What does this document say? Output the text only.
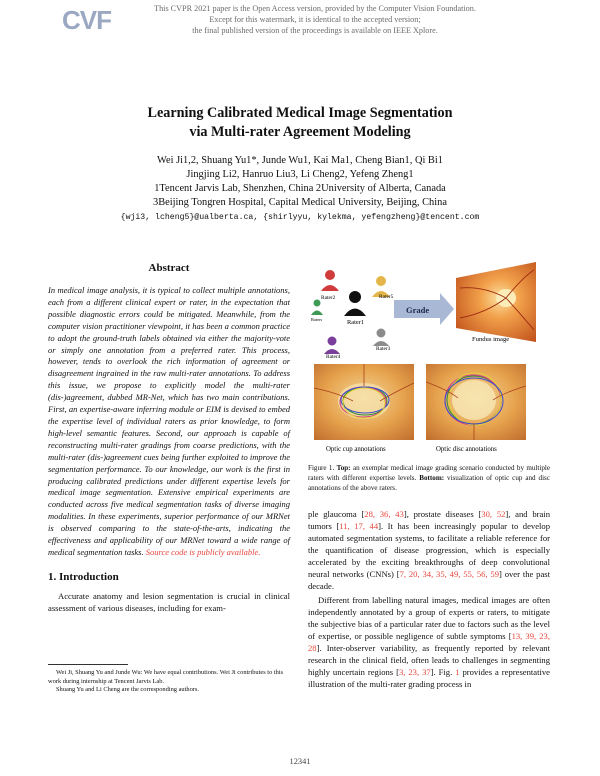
CVF	This CVPR 2021 paper is the Open Access version, provided by the Computer Vision Foundation.
Except for this watermark, it is identical to the accepted version;
the final published version of the proceedings is available on IEEE Xplore.
Learning Calibrated Medical Image Segmentation
via Multi-rater Agreement Modeling
Wei Ji1,2, Shuang Yu1*, Junde Wu1, Kai Ma1, Cheng Bian1, Qi Bi1
Jingjing Li2, Hanruo Liu3, Li Cheng2, Yefeng Zheng1
1Tencent Jarvis Lab, Shenzhen, China 2University of Alberta, Canada
3Beijing Tongren Hospital, Capital Medical University, Beijing, China
{wji3, lcheng5}@ualberta.ca, {shirlyyu, kylekma, yefengzheng}@tencent.com
Abstract
In medical image analysis, it is typical to collect multiple annotations, each from a different clinical expert or rater, in the expectation that possible diagnostic errors could be mitigated. Meanwhile, from the computer vision practitioner viewpoint, it has been a common practice to adopt the ground-truth labels obtained via either the majority-vote or simply one annotation from a preferred rater. This process, however, tends to overlook the rich information of agreement or disagreement ingrained in the raw multi-rater annotations. To address this issue, we propose to explicitly model the multi-rater (dis-)agreement, dubbed MR-Net, which has two main contributions. First, an expertise-aware inferring module or EIM is devised to embed the expertise level of individual raters as prior knowledge, to form high-level semantic features. Second, our approach is capable of reconstructing multi-rater gradings from coarse predictions, with the multi-rater (dis-)agreement cues being further exploited to improve the segmentation performance. To our knowledge, our work is the first in producing calibrated predictions under different expertise levels for medical image segmentation. Extensive empirical experiments are conducted across five medical segmentation tasks of diverse imaging modalities. In these experiments, superior performance of our MRNet is observed comparing to the state-of-the-arts, indicating the effectiveness and applicability of our MRNet toward a wide range of medical segmentation tasks. Source code is publicly available.
1. Introduction
Accurate anatomy and lesion segmentation is crucial in clinical assessment of various diseases, including for exam-

Wei Ji, Shuang Yu and Junde Wu: We have equal contributions. Wei Ji contributes to this work during internship at Tencent Jarvis Lab.

Shuang Yu and Li Cheng are the corresponding authors.

Rater2	Rater5
Raters	Rater1
Rater4
Rater3
Grade
Fundus image
Optic cup annotations	Optic disc annotations
Figure 1. Top: an exemplar medical image grading scenario conducted by multiple raters with different expertise levels. Bottom: visualization of optic cup and disc annotations of the above raters.

ple glaucoma [28, 36, 43], prostate diseases [30, 52], and brain tumors [11, 17, 44]. It has been increasingly popular to develop automated segmentation systems, to facilitate a reliable reference for the quantification of disease progression, which is especially accelerated by the exciting breakthroughs of deep convolutional neural networks (CNNs) [7, 20, 34, 35, 49, 55, 56, 59] over the past decade.

Different from labelling natural images, medical images are often independently annotated by a group of experts or raters, to mitigate the subjective bias of a particular rater due to factors such as the level of expertise, or possible negligence of subtle symptoms [13, 39, 23, 28]. Inter-observer variability, as frequently reported by relevant research in the clinical field, often leads to challenges in segmenting highly uncertain regions [3, 23, 37]. Fig. 1 provides a representative illustration of the multi-rater grading process in

12341
